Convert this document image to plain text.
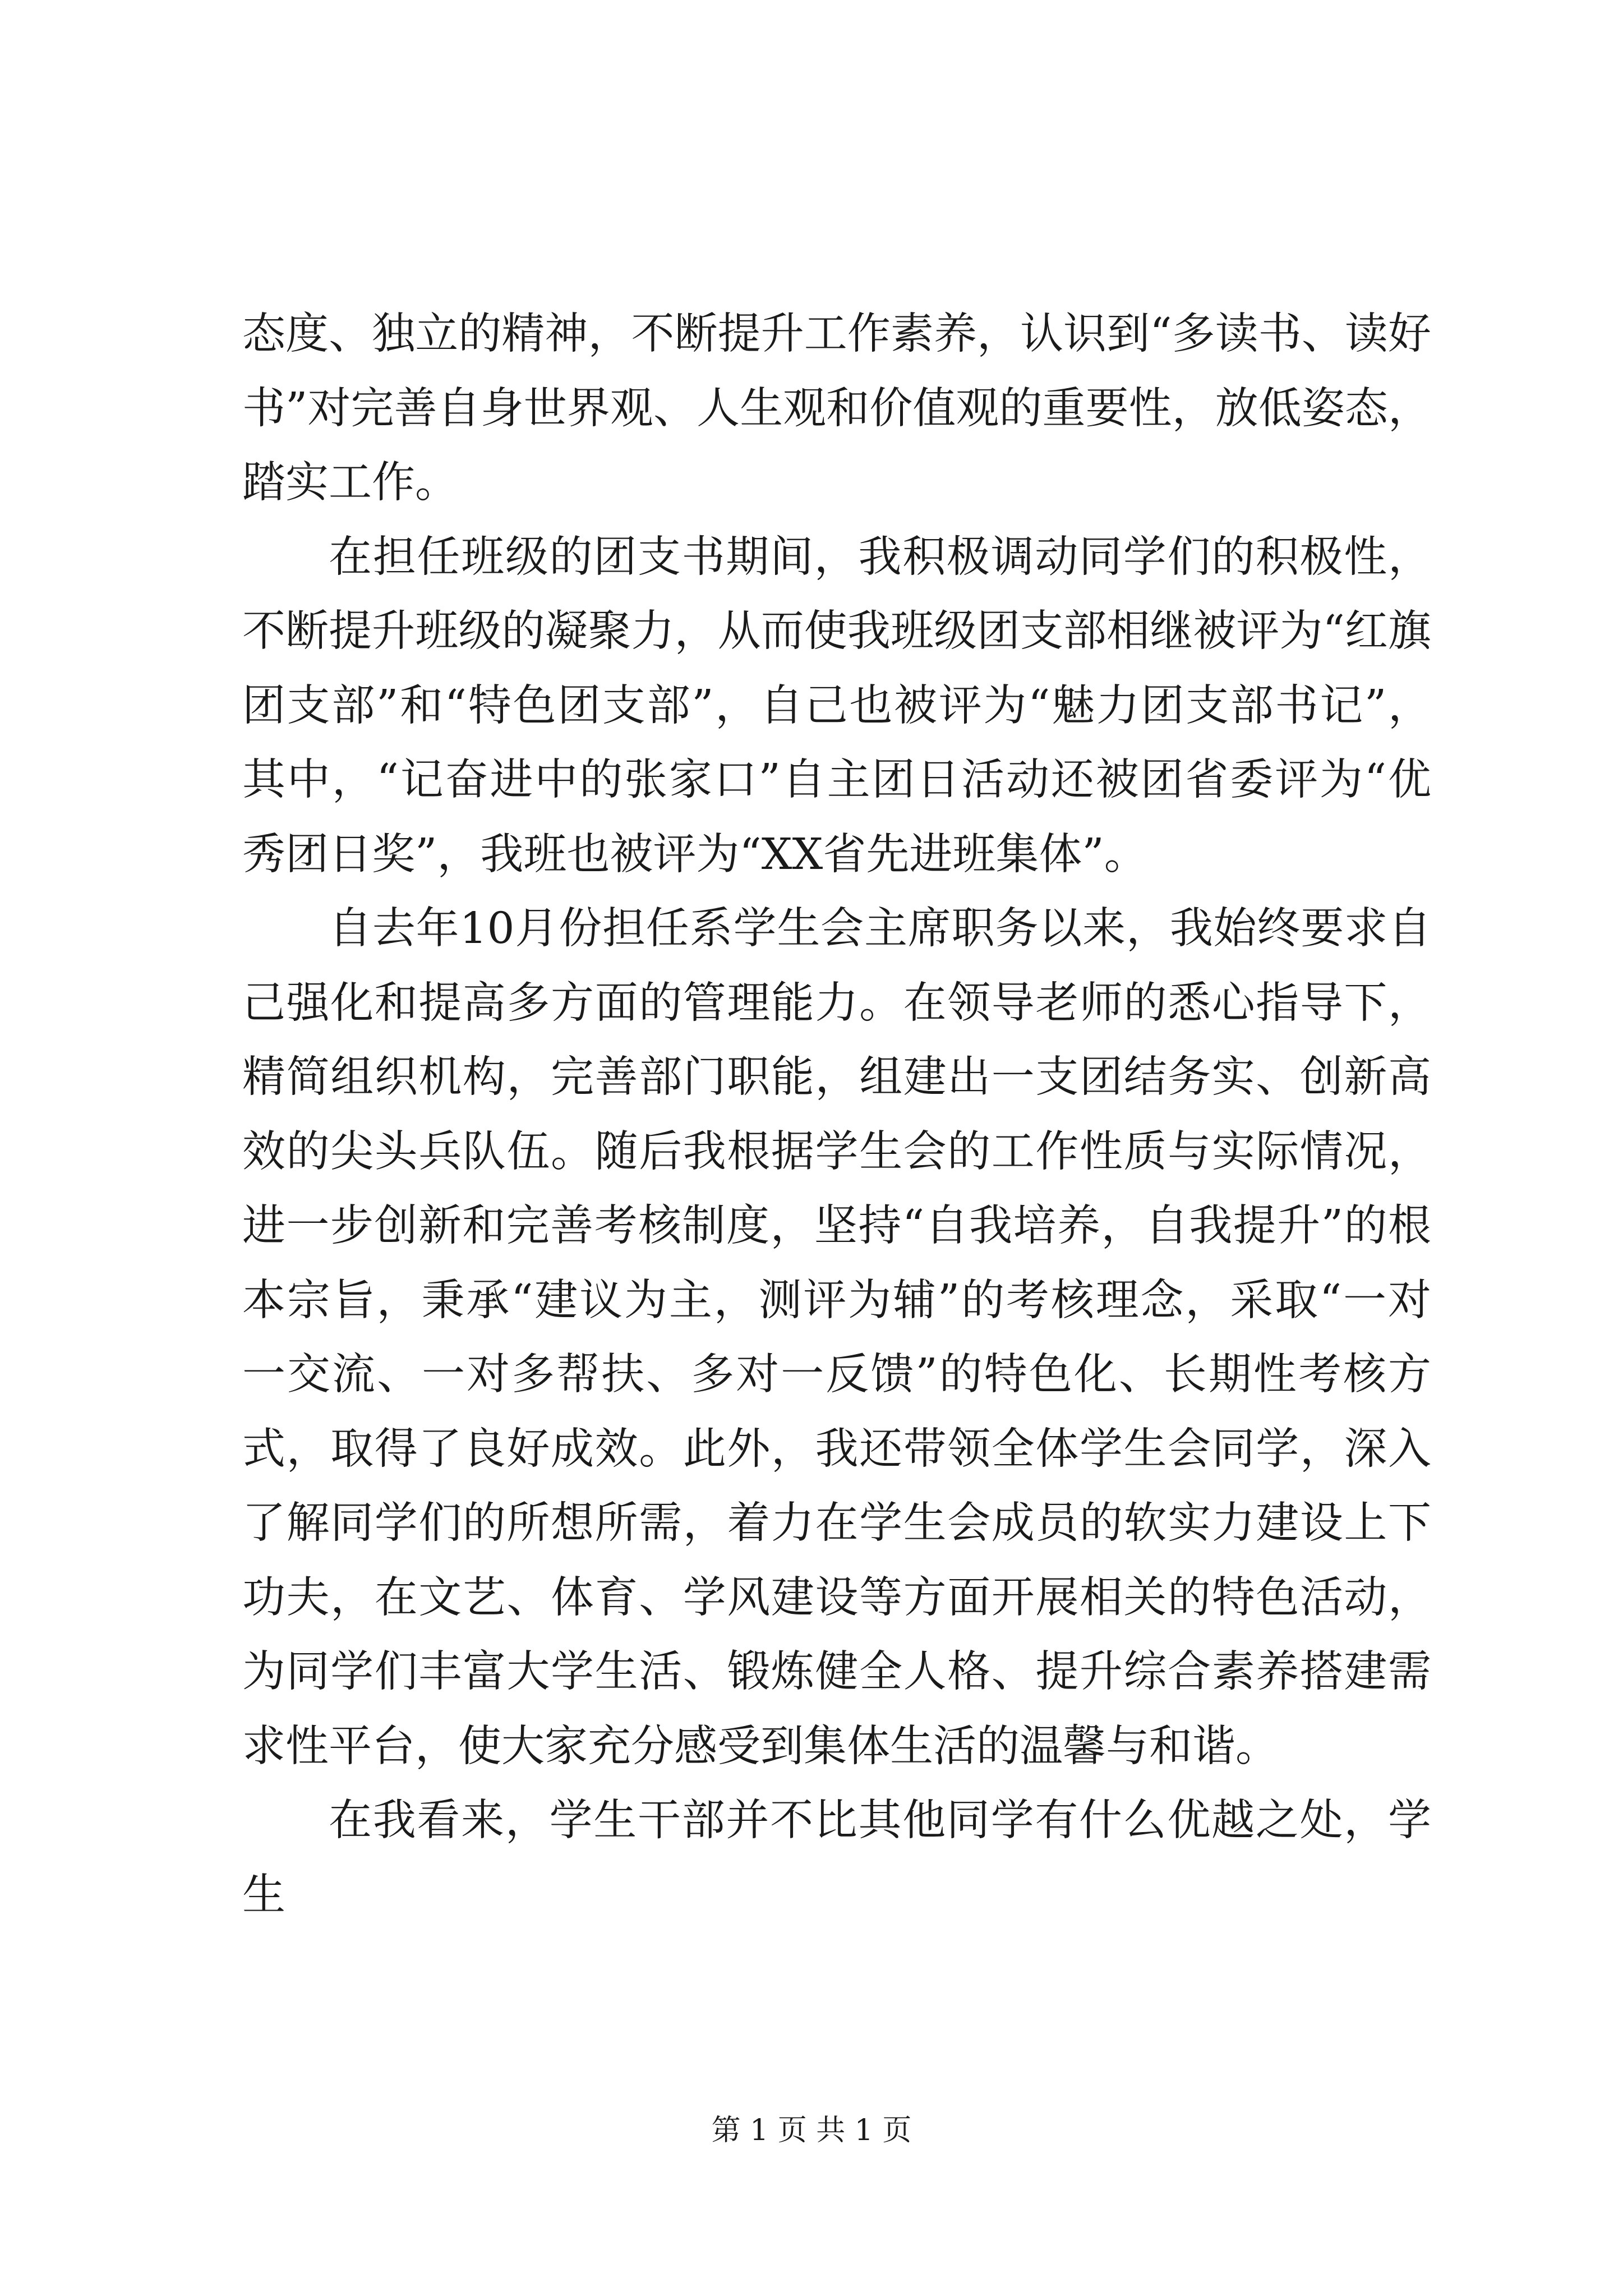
态度、独立的精神，不断提升工作素养，认识到“多读书、读好书”对完善自身世界观、人生观和价值观的重要性，放低姿态，踏实工作。

在担任班级的团支书期间，我积极调动同学们的积极性，不断提升班级的凝聚力，从而使我班级团支部相继被评为“红旗团支部”和“特色团支部”，自己也被评为“魅力团支部书记”，其中，“记奋进中的张家口”自主团日活动还被团省委评为“优秀团日奖”，我班也被评为“XX省先进班集体”。

自去年10月份担任系学生会主席职务以来，我始终要求自己强化和提高多方面的管理能力。在领导老师的悉心指导下，精简组织机构，完善部门职能，组建出一支团结务实、创新高效的尖头兵队伍。随后我根据学生会的工作性质与实际情况，进一步创新和完善考核制度，坚持“自我培养，自我提升”的根本宗旨，秉承“建议为主，测评为辅”的考核理念，采取“一对一交流、一对多帮扶、多对一反馈”的特色化、长期性考核方式，取得了良好成效。此外，我还带领全体学生会同学，深入了解同学们的所想所需，着力在学生会成员的软实力建设上下功夫，在文艺、体育、学风建设等方面开展相关的特色活动，为同学们丰富大学生活、锻炼健全人格、提升综合素养搭建需求性平台，使大家充分感受到集体生活的温馨与和谐。

在我看来，学生干部并不比其他同学有什么优越之处，学生

第 1 页 共 1 页
